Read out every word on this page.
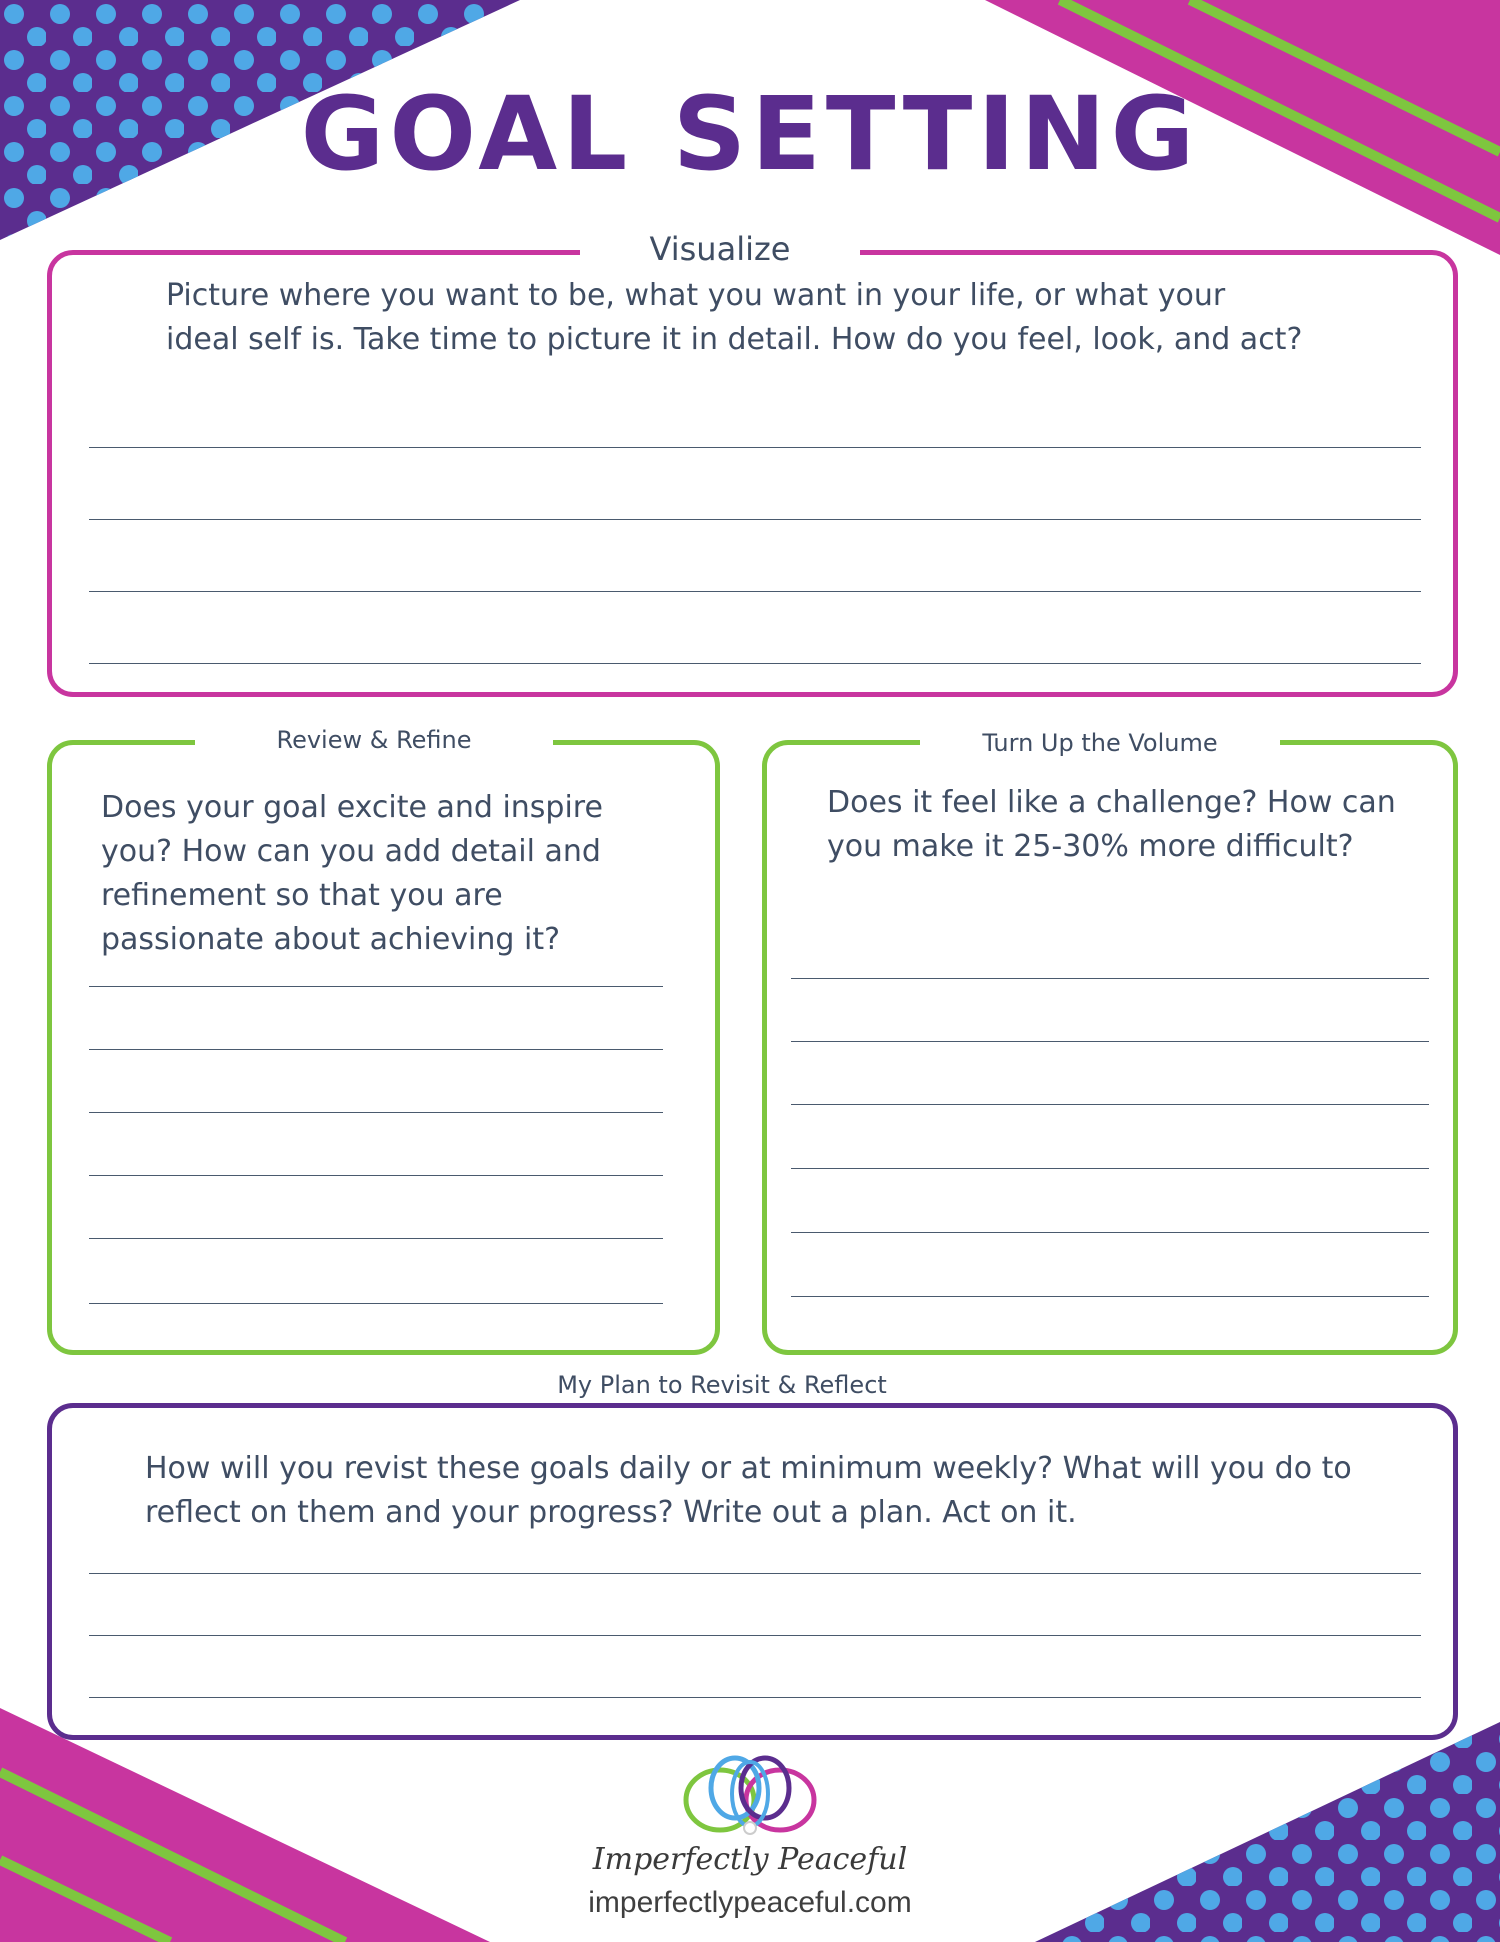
GOAL SETTING
Visualize
Picture where you want to be, what you want in your life, or what your ideal self is. Take time to picture it in detail. How do you feel, look, and act?
Review & Refine
Does your goal excite and inspire you? How can you add detail and refinement so that you are passionate about achieving it?
Turn Up the Volume
Does it feel like a challenge? How can you make it 25-30% more difficult?
My Plan to Revisit & Reflect
How will you revist these goals daily or at minimum weekly? What will you do to reflect on them and your progress? Write out a plan. Act on it.
Imperfectly Peaceful
imperfectlypeaceful.com
